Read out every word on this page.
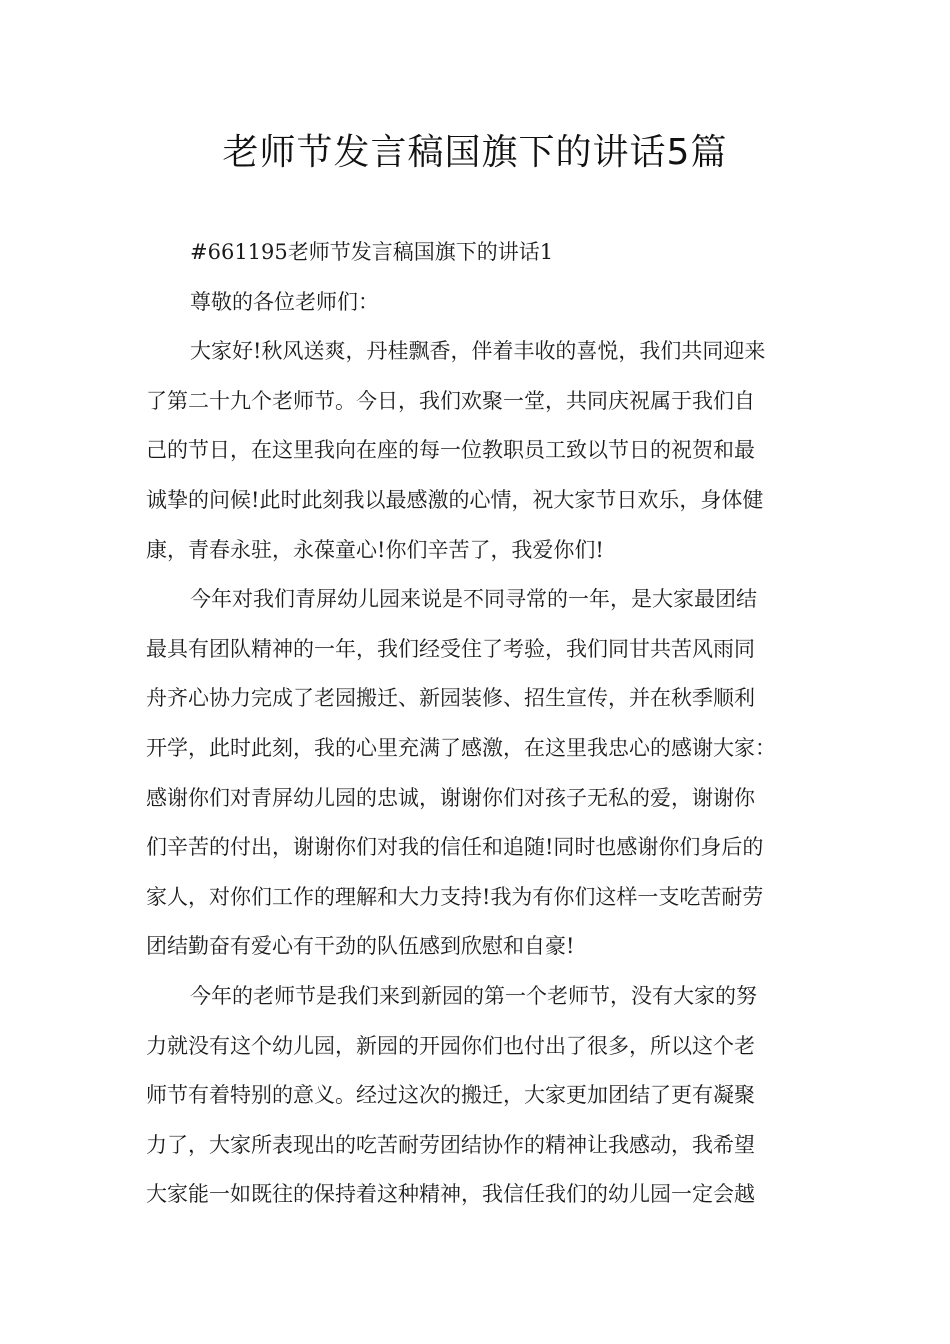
老师节发言稿国旗下的讲话5篇
#661195老师节发言稿国旗下的讲话1
尊敬的各位老师们：
大家好!秋风送爽，丹桂飘香，伴着丰收的喜悦，我们共同迎来
了第二十九个老师节。今日，我们欢聚一堂，共同庆祝属于我们自
己的节日，在这里我向在座的每一位教职员工致以节日的祝贺和最
诚挚的问候!此时此刻我以最感激的心情，祝大家节日欢乐，身体健
康，青春永驻，永葆童心!你们辛苦了，我爱你们!
今年对我们青屏幼儿园来说是不同寻常的一年，是大家最团结
最具有团队精神的一年，我们经受住了考验，我们同甘共苦风雨同
舟齐心协力完成了老园搬迁、新园装修、招生宣传，并在秋季顺利
开学，此时此刻，我的心里充满了感激，在这里我忠心的感谢大家：
感谢你们对青屏幼儿园的忠诚，谢谢你们对孩子无私的爱，谢谢你
们辛苦的付出，谢谢你们对我的信任和追随!同时也感谢你们身后的
家人，对你们工作的理解和大力支持!我为有你们这样一支吃苦耐劳
团结勤奋有爱心有干劲的队伍感到欣慰和自豪!
今年的老师节是我们来到新园的第一个老师节，没有大家的努
力就没有这个幼儿园，新园的开园你们也付出了很多，所以这个老
师节有着特别的意义。经过这次的搬迁，大家更加团结了更有凝聚
力了，大家所表现出的吃苦耐劳团结协作的精神让我感动，我希望
大家能一如既往的保持着这种精神，我信任我们的幼儿园一定会越
